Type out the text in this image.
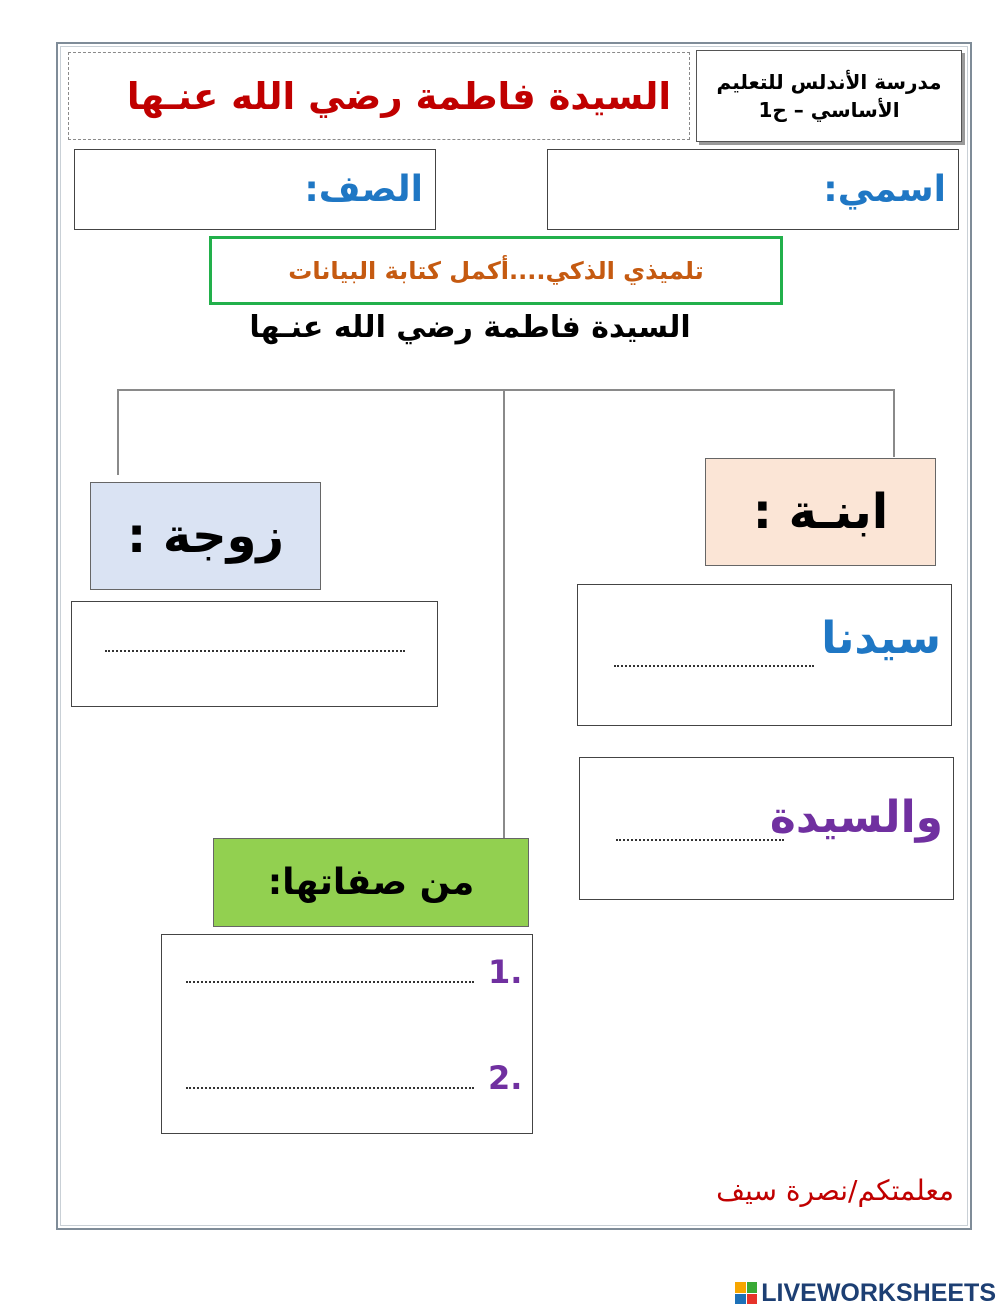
السيدة فاطمة رضي الله عنـها مدرسة الأندلس للتعليم
الأساسي – ح1
اسمي:
الصف:
تلميذي الذكي....أكمل كتابة البيانات
السيدة فاطمة رضي الله عنـها
ابنـة :
زوجة :
سيدنا
والسيدة
من صفاتها:
1.
2.
معلمتكم/نصرة سيف
LIVEWORKSHEETS
